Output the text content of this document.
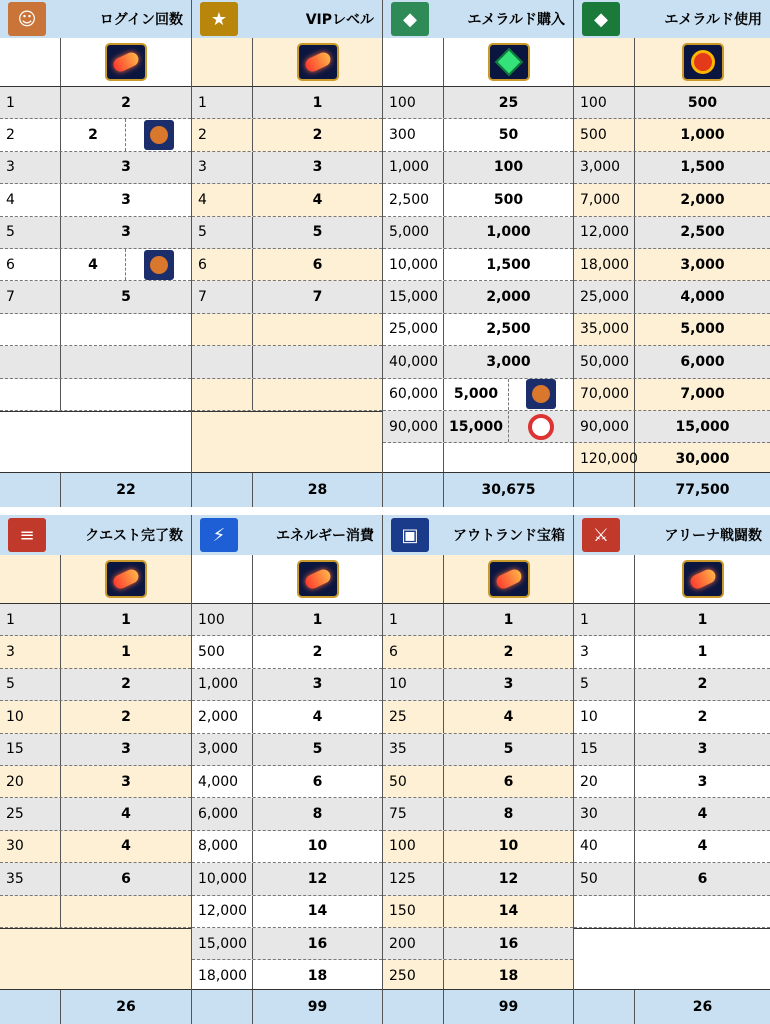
☺	ログイン回数
1	2
2	2
3	3
4	3
5	3
6	4
7	5
22
★	VIPレベル
1	1
2	2
3	3
4	4
5	5
6	6
7	7
28
◆	エメラルド購入
100	25
300	50
1,000	100
2,500	500
5,000	1,000
10,000	1,500
15,000	2,000
25,000	2,500
40,000	3,000
60,000	5,000
90,000 15,000
30,675
◆	エメラルド使用
100	500
500	1,000
3,000	1,500
7,000	2,000
12,000	2,500
18,000	3,000
25,000	4,000
35,000	5,000
50,000	6,000
70,000	7,000
90,000	15,000
120,000	30,000
77,500
≡	クエスト完了数
1	1
3	1
5	2
10	2
15	3
20	3
25	4
30	4
35	6
26
⚡	エネルギー消費
100	1
500	2
1,000	3
2,000	4
3,000	5
4,000	6
6,000	8
8,000	10
10,000	12
12,000	14
15,000	16
18,000	18
99
▣	アウトランド宝箱
1	1
6	2
10	3
25	4
35	5
50	6
75	8
100	10
125	12
150	14
200	16
250	18
99
⚔	アリーナ戦闘数
1	1
3	1
5	2
10	2
15	3
20	3
30	4
40	4
50	6
26
